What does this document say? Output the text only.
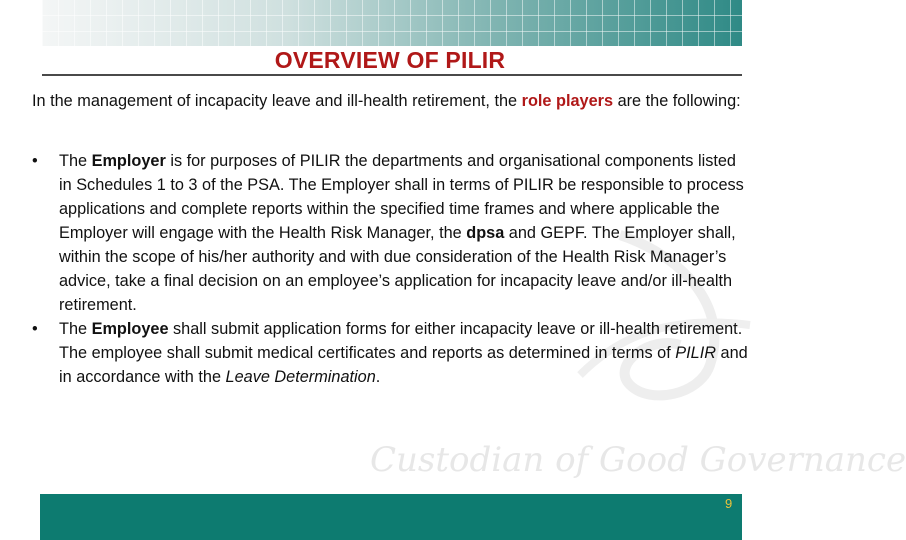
OVERVIEW OF PILIR
Custodian of Good Governance

In the management of incapacity leave and ill-health retirement, the role players are the following:

• The Employer is for purposes of PILIR the departments and organisational components listed in Schedules 1 to 3 of the PSA. The Employer shall in terms of PILIR be responsible to process applications and complete reports within the specified time frames and where applicable the Employer will engage with the Health Risk Manager, the dpsa and GEPF. The Employer shall, within the scope of his/her authority and with due consideration of the Health Risk Manager’s advice, take a final decision on an employee’s application for incapacity leave and/or ill-health retirement.
• The Employee shall submit application forms for either incapacity leave or ill-health retirement. The employee shall submit medical certificates and reports as determined in terms of PILIR and in accordance with the Leave Determination.
9
